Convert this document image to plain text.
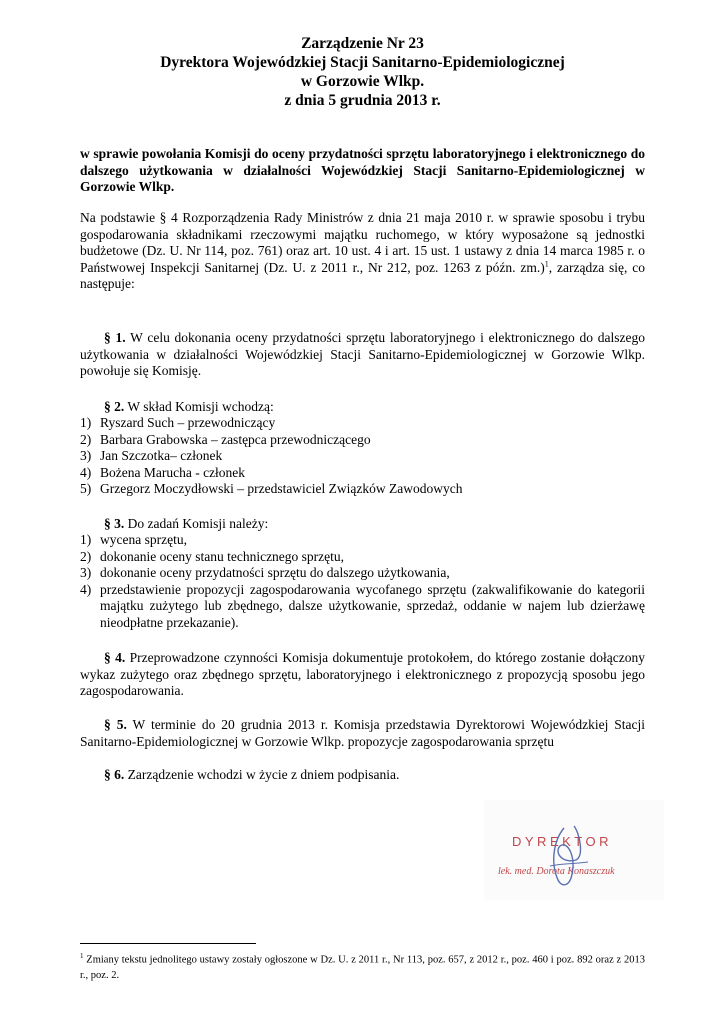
Zarządzenie Nr 23
Dyrektora Wojewódzkiej Stacji Sanitarno-Epidemiologicznej
w Gorzowie Wlkp.
z dnia 5 grudnia 2013 r.
w sprawie powołania Komisji do oceny przydatności sprzętu laboratoryjnego i elektronicznego do dalszego użytkowania w działalności Wojewódzkiej Stacji Sanitarno-Epidemiologicznej w Gorzowie Wlkp.
Na podstawie § 4 Rozporządzenia Rady Ministrów z dnia 21 maja 2010 r. w sprawie sposobu i trybu gospodarowania składnikami rzeczowymi majątku ruchomego, w który wyposażone są jednostki budżetowe (Dz. U. Nr 114, poz. 761) oraz art. 10 ust. 4 i art. 15 ust. 1 ustawy z dnia 14 marca 1985 r. o Państwowej Inspekcji Sanitarnej (Dz. U. z 2011 r., Nr 212, poz. 1263 z późn. zm.)$^1$, zarządza się, co następuje:
§ 1. W celu dokonania oceny przydatności sprzętu laboratoryjnego i elektronicznego do dalszego użytkowania w działalności Wojewódzkiej Stacji Sanitarno-Epidemiologicznej w Gorzowie Wlkp. powołuje się Komisję.
§ 2. W skład Komisji wchodzą:
1) Ryszard Such – przewodniczący
2) Barbara Grabowska – zastępca przewodniczącego
3) Jan Szczotka– członek
4) Bożena Marucha - członek
5) Grzegorz Moczydłowski – przedstawiciel Związków Zawodowych
§ 3. Do zadań Komisji należy:
1) wycena sprzętu,
2) dokonanie oceny stanu technicznego sprzętu,
3) dokonanie oceny przydatności sprzętu do dalszego użytkowania,
4) przedstawienie propozycji zagospodarowania wycofanego sprzętu (zakwalifikowanie do kategorii majątku zużytego lub zbędnego, dalsze użytkowanie, sprzedaż, oddanie w najem lub dzierżawę nieodpłatne przekazanie).
§ 4. Przeprowadzone czynności Komisja dokumentuje protokołem, do którego zostanie dołączony wykaz zużytego oraz zbędnego sprzętu, laboratoryjnego i elektronicznego z propozycją sposobu jego zagospodarowania.
§ 5. W terminie do 20 grudnia 2013 r. Komisja przedstawia Dyrektorowi Wojewódzkiej Stacji Sanitarno-Epidemiologicznej w Gorzowie Wlkp. propozycje zagospodarowania sprzętu
§ 6. Zarządzenie wchodzi w życie z dniem podpisania.
DYREKTOR
lek. med. Dorota Konaszczuk
$^1$ Zmiany tekstu jednolitego ustawy zostały ogłoszone w Dz. U. z 2011 r., Nr 113, poz. 657, z 2012 r., poz. 460 i poz. 892 oraz z 2013 r., poz. 2.
